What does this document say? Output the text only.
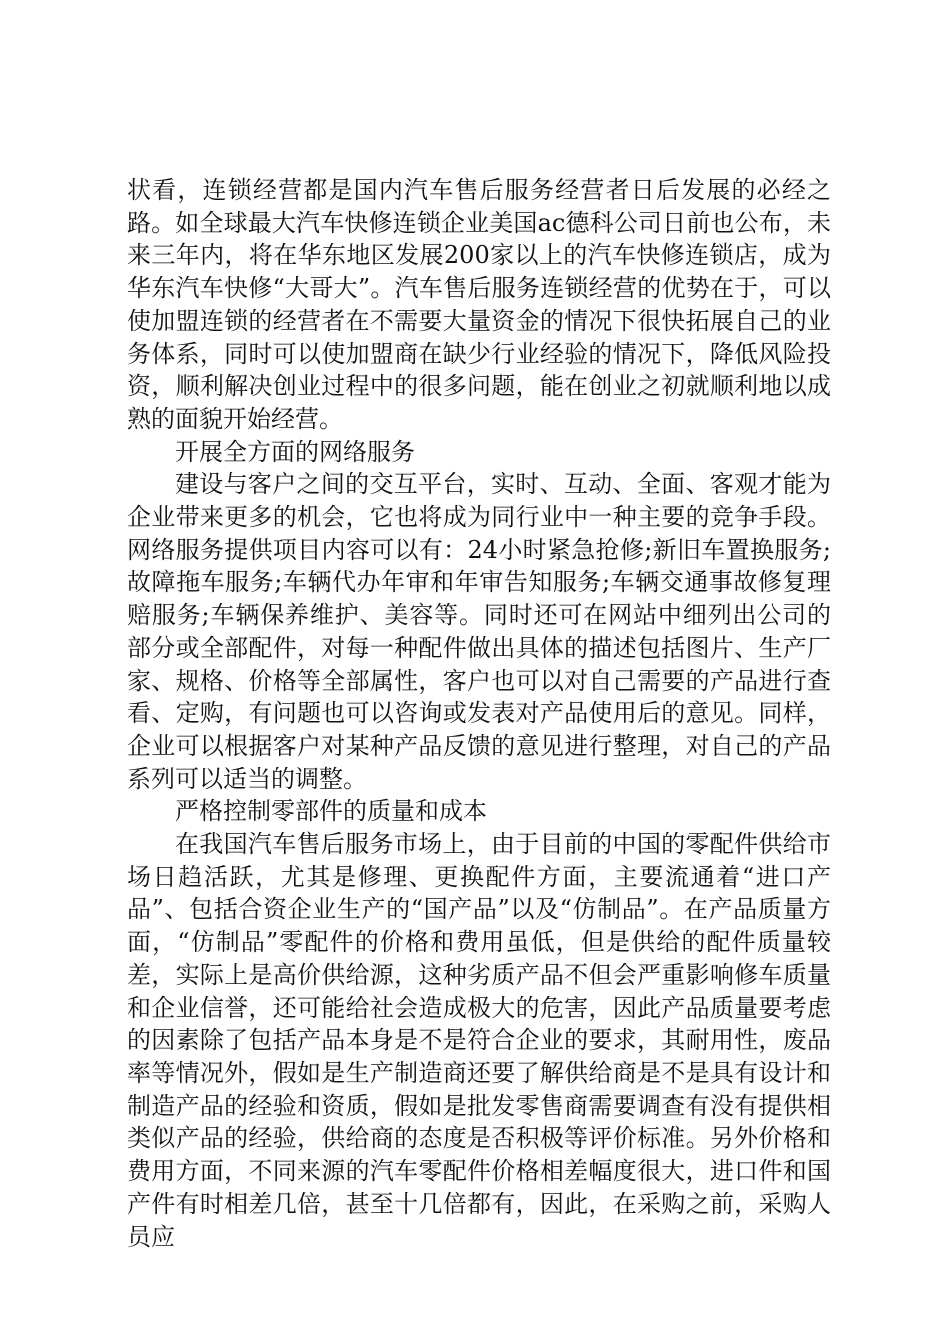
状看，连锁经营都是国内汽车售后服务经营者日后发展的必经之路。如全球最大汽车快修连锁企业美国ac德科公司日前也公布，未来三年内，将在华东地区发展200家以上的汽车快修连锁店，成为华东汽车快修“大哥大”。汽车售后服务连锁经营的优势在于，可以使加盟连锁的经营者在不需要大量资金的情况下很快拓展自己的业务体系，同时可以使加盟商在缺少行业经验的情况下，降低风险投资，顺利解决创业过程中的很多问题，能在创业之初就顺利地以成熟的面貌开始经营。

开展全方面的网络服务

建设与客户之间的交互平台，实时、互动、全面、客观才能为企业带来更多的机会，它也将成为同行业中一种主要的竞争手段。网络服务提供项目内容可以有：24小时紧急抢修;新旧车置换服务;故障拖车服务;车辆代办年审和年审告知服务;车辆交通事故修复理赔服务;车辆保养维护、美容等。同时还可在网站中细列出公司的部分或全部配件，对每一种配件做出具体的描述包括图片、生产厂家、规格、价格等全部属性，客户也可以对自己需要的产品进行查看、定购，有问题也可以咨询或发表对产品使用后的意见。同样，企业可以根据客户对某种产品反馈的意见进行整理，对自己的产品系列可以适当的调整。

严格控制零部件的质量和成本

在我国汽车售后服务市场上，由于目前的中国的零配件供给市场日趋活跃，尤其是修理、更换配件方面，主要流通着“进口产品”、包括合资企业生产的“国产品”以及“仿制品”。在产品质量方面，“仿制品”零配件的价格和费用虽低，但是供给的配件质量较差，实际上是高价供给源，这种劣质产品不但会严重影响修车质量和企业信誉，还可能给社会造成极大的危害，因此产品质量要考虑的因素除了包括产品本身是不是符合企业的要求，其耐用性，废品率等情况外，假如是生产制造商还要了解供给商是不是具有设计和制造产品的经验和资质，假如是批发零售商需要调查有没有提供相类似产品的经验，供给商的态度是否积极等评价标准。另外价格和费用方面，不同来源的汽车零配件价格相差幅度很大，进口件和国产件有时相差几倍，甚至十几倍都有，因此，在采购之前，采购人员应
